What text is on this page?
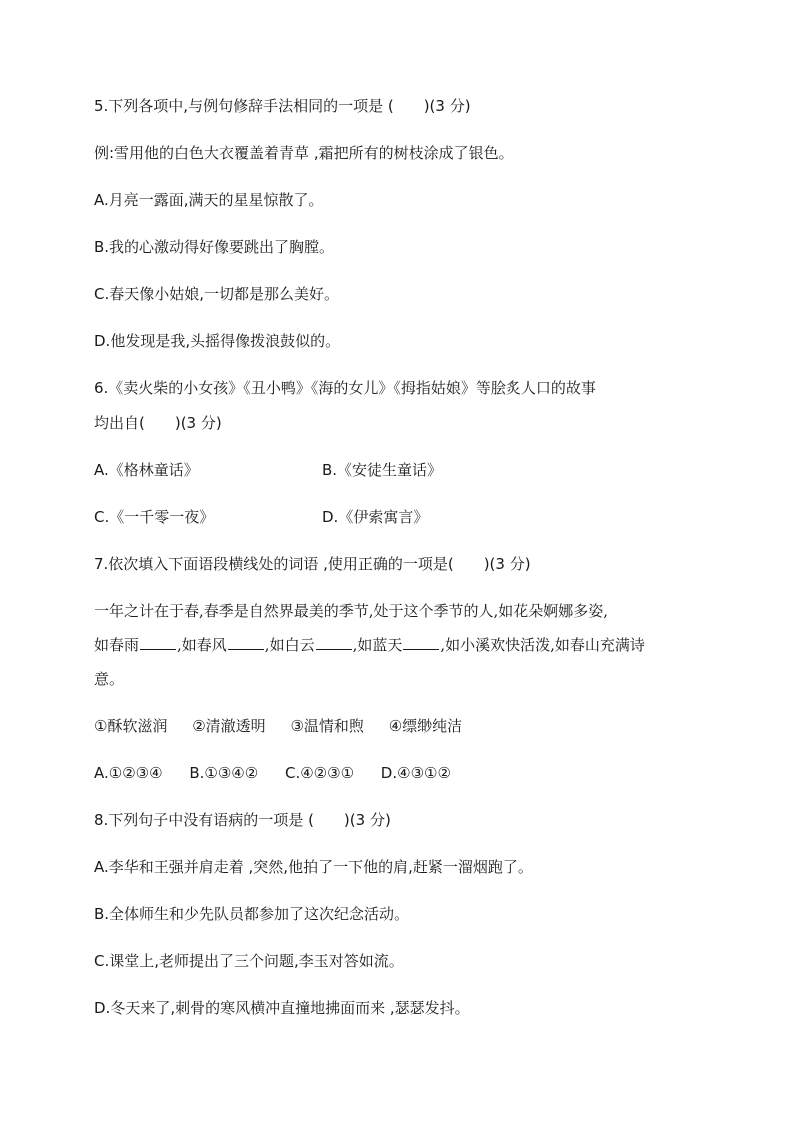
5.下列各项中,与例句修辞手法相同的一项是 (　　)(3 分)
例:雪用他的白色大衣覆盖着青草 ,霜把所有的树枝涂成了银色。
A.月亮一露面,满天的星星惊散了。
B.我的心激动得好像要跳出了胸膛。
C.春天像小姑娘,一切都是那么美好。
D.他发现是我,头摇得像拨浪鼓似的。
6.《卖火柴的小女孩》《丑小鸭》《海的女儿》《拇指姑娘》等脍炙人口的故事
均出自(　　)(3 分)
A.《格林童话》	B.《安徒生童话》
C.《一千零一夜》	D.《伊索寓言》
7.依次填入下面语段横线处的词语 ,使用正确的一项是(　　)(3 分)
一年之计在于春,春季是自然界最美的季节,处于这个季节的人,如花朵婀娜多姿,
如春雨	,如春风	,如白云	,如蓝天	,如小溪欢快活泼,如春山充满诗
意。
①酥软滋润 ②清澈透明 ③温情和煦 ④缥缈纯洁
A.①②③④ B.①③④② C.④②③① D.④③①②
8.下列句子中没有语病的一项是 (　　)(3 分)
A.李华和王强并肩走着 ,突然,他拍了一下他的肩,赶紧一溜烟跑了。
B.全体师生和少先队员都参加了这次纪念活动。
C.课堂上,老师提出了三个问题,李玉对答如流。
D.冬天来了,刺骨的寒风横冲直撞地拂面而来 ,瑟瑟发抖。
